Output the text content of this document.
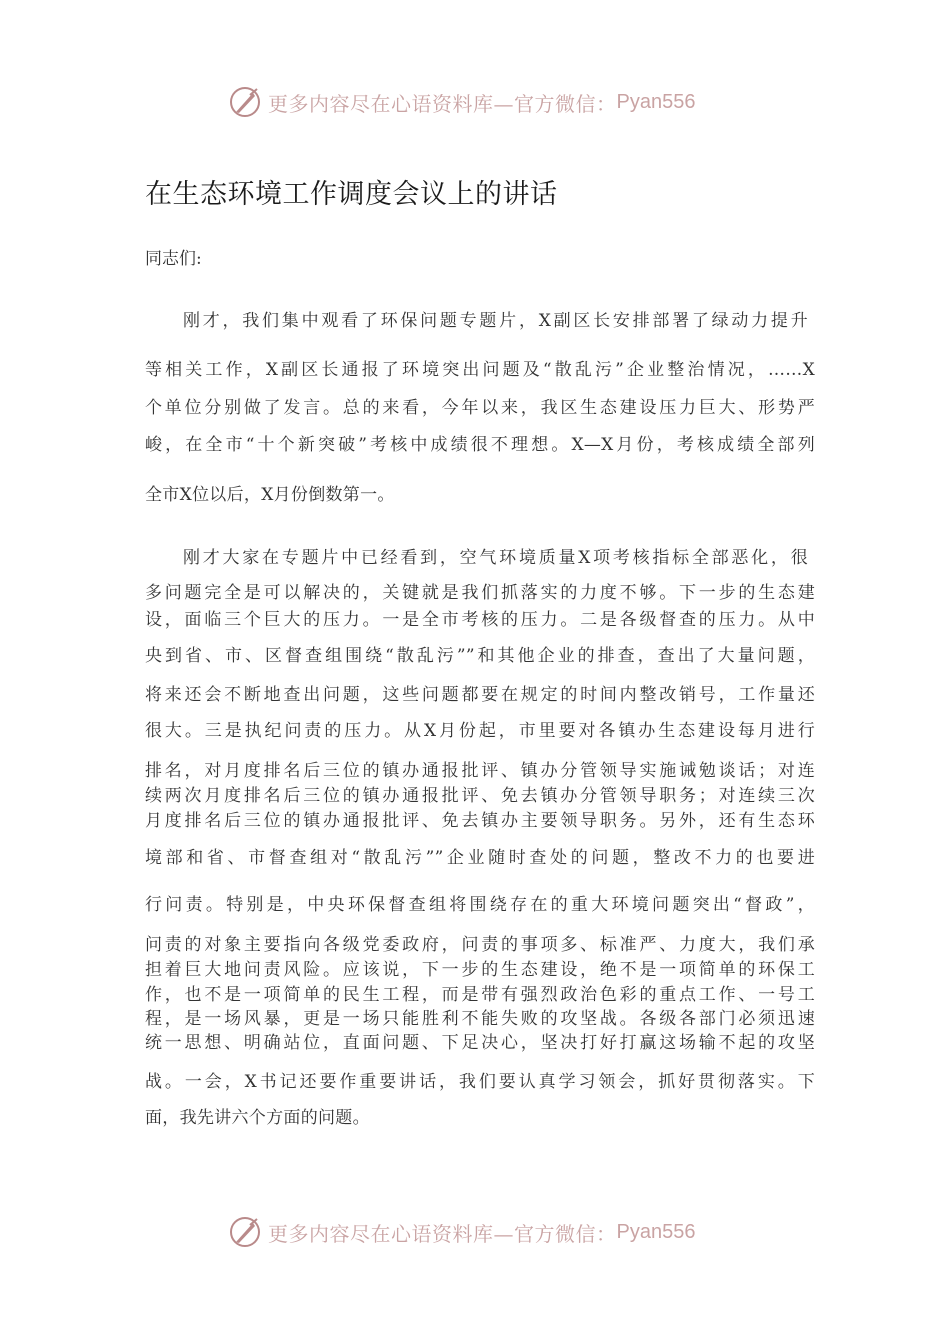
更多内容尽在心语资料库—官方微信： Pyan556
在生态环境工作调度会议上的讲话
同志们:
刚才，我们集中观看了环保问题专题片，X副区长安排部署了绿动力提升
等相关工作，X副区长通报了环境突出问题及“散乱污”企业整治情况，……X
个单位分别做了发言。总的来看，今年以来，我区生态建设压力巨大、形势严
峻，在全市“十个新突破”考核中成绩很不理想。X—X月份，考核成绩全部列
全市X位以后，X月份倒数第一。
刚才大家在专题片中已经看到，空气环境质量X项考核指标全部恶化，很
多问题完全是可以解决的，关键就是我们抓落实的力度不够。下一步的生态建
设，面临三个巨大的压力。一是全市考核的压力。二是各级督查的压力。从中
央到省、市、区督查组围绕“散乱污””和其他企业的排查，查出了大量问题，
将来还会不断地查出问题，这些问题都要在规定的时间内整改销号，工作量还
很大。三是执纪问责的压力。从X月份起，市里要对各镇办生态建设每月进行
排名，对月度排名后三位的镇办通报批评、镇办分管领导实施诫勉谈话；对连
续两次月度排名后三位的镇办通报批评、免去镇办分管领导职务；对连续三次
月度排名后三位的镇办通报批评、免去镇办主要领导职务。另外，还有生态环
境部和省、市督查组对“散乱污””企业随时查处的问题，整改不力的也要进
行问责。特别是，中央环保督查组将围绕存在的重大环境问题突出“督政”，
问责的对象主要指向各级党委政府，问责的事项多、标准严、力度大，我们承
担着巨大地问责风险。应该说，下一步的生态建设，绝不是一项简单的环保工
作，也不是一项简单的民生工程，而是带有强烈政治色彩的重点工作、一号工
程，是一场风暴，更是一场只能胜利不能失败的攻坚战。各级各部门必须迅速
统一思想、明确站位，直面问题、下足决心，坚决打好打赢这场输不起的攻坚
战。一会，X书记还要作重要讲话，我们要认真学习领会，抓好贯彻落实。下
面，我先讲六个方面的问题。
更多内容尽在心语资料库—官方微信： Pyan556
